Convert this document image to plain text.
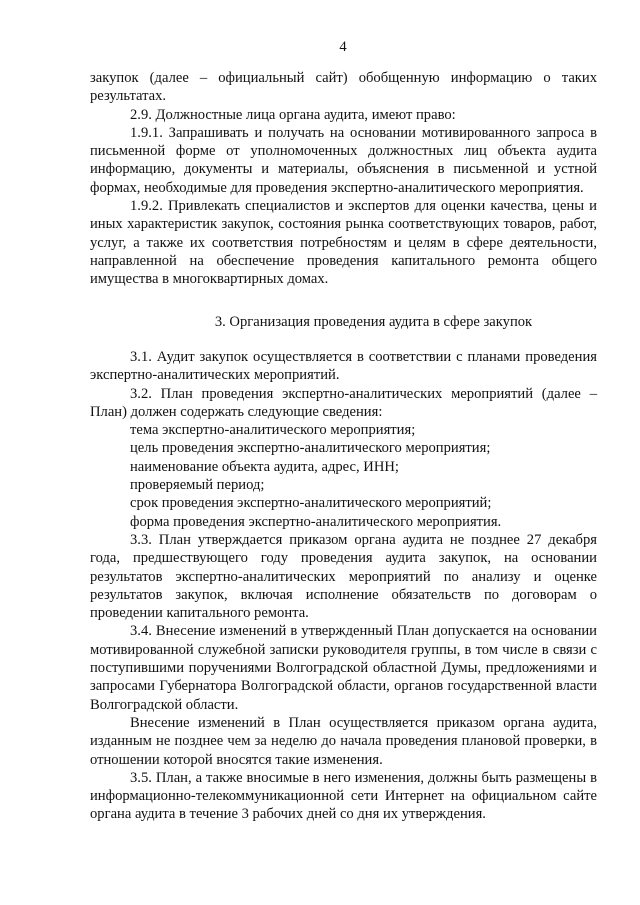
4

закупок (далее – официальный сайт) обобщенную информацию о таких результатах.

2.9. Должностные лица органа аудита, имеют право:

1.9.1. Запрашивать и получать на основании мотивированного запроса в письменной форме от уполномоченных должностных лиц объекта аудита информацию, документы и материалы, объяснения в письменной и устной формах, необходимые для проведения экспертно-аналитического мероприятия.

1.9.2. Привлекать специалистов и экспертов для оценки качества, цены и иных характеристик закупок, состояния рынка соответствующих товаров, работ, услуг, а также их соответствия потребностям и целям в сфере деятельности, направленной на обеспечение проведения капитального ремонта общего имущества в многоквартирных домах.

3. Организация проведения аудита в сфере закупок

3.1. Аудит закупок осуществляется в соответствии с планами проведения экспертно-аналитических мероприятий.

3.2. План проведения экспертно-аналитических мероприятий (далее – План) должен содержать следующие сведения:

тема экспертно-аналитического мероприятия;

цель проведения экспертно-аналитического мероприятия;

наименование объекта аудита, адрес, ИНН;

проверяемый период;

срок проведения экспертно-аналитического мероприятий;

форма проведения экспертно-аналитического мероприятия.

3.3. План утверждается приказом органа аудита не позднее 27 декабря года, предшествующего году проведения аудита закупок, на основании результатов экспертно-аналитических мероприятий по анализу и оценке результатов закупок, включая исполнение обязательств по договорам о проведении капитального ремонта.

3.4. Внесение изменений в утвержденный План допускается на основании мотивированной служебной записки руководителя группы, в том числе в связи с поступившими поручениями Волгоградской областной Думы, предложениями и запросами Губернатора Волгоградской области, органов государственной власти Волгоградской области.

Внесение изменений в План осуществляется приказом органа аудита, изданным не позднее чем за неделю до начала проведения плановой проверки, в отношении которой вносятся такие изменения.

3.5. План, а также вносимые в него изменения, должны быть размещены в информационно-телекоммуникационной сети Интернет на официальном сайте органа аудита в течение 3 рабочих дней со дня их утверждения.
